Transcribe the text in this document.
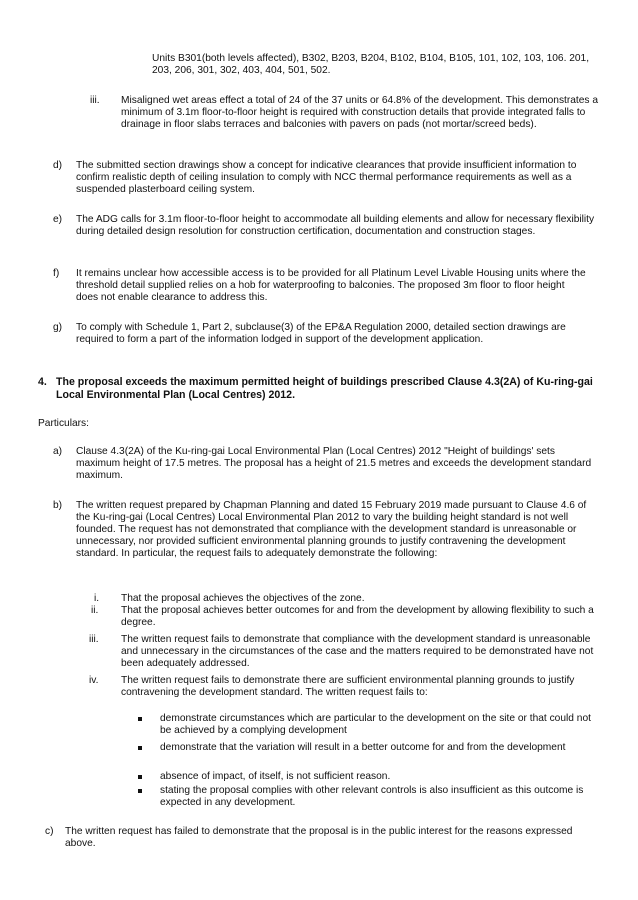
Units B301(both levels affected), B302, B203, B204, B102, B104, B105, 101, 102, 103, 106. 201, 203, 206, 301, 302, 403, 404, 501, 502.
iii. Misaligned wet areas effect a total of 24 of the 37 units or 64.8% of the development. This demonstrates a minimum of 3.1m floor-to-floor height is required with construction details that provide integrated falls to drainage in floor slabs terraces and balconies with pavers on pads (not mortar/screed beds).
d) The submitted section drawings show a concept for indicative clearances that provide insufficient information to confirm realistic depth of ceiling insulation to comply with NCC thermal performance requirements as well as a suspended plasterboard ceiling system.
e) The ADG calls for 3.1m floor-to-floor height to accommodate all building elements and allow for necessary flexibility during detailed design resolution for construction certification, documentation and construction stages.
f) It remains unclear how accessible access is to be provided for all Platinum Level Livable Housing units where the threshold detail supplied relies on a hob for waterproofing to balconies. The proposed 3m floor to floor height does not enable clearance to address this.
g) To comply with Schedule 1, Part 2, subclause(3) of the EP&A Regulation 2000, detailed section drawings are required to form a part of the information lodged in support of the development application.
4. The proposal exceeds the maximum permitted height of buildings prescribed Clause 4.3(2A) of Ku-ring-gai Local Environmental Plan (Local Centres) 2012.
Particulars:
a) Clause 4.3(2A) of the Ku-ring-gai Local Environmental Plan (Local Centres) 2012 "Height of buildings' sets maximum height of 17.5 metres. The proposal has a height of 21.5 metres and exceeds the development standard maximum.
b) The written request prepared by Chapman Planning and dated 15 February 2019 made pursuant to Clause 4.6 of the Ku-ring-gai (Local Centres) Local Environmental Plan 2012 to vary the building height standard is not well founded. The request has not demonstrated that compliance with the development standard is unreasonable or unnecessary, nor provided sufficient environmental planning grounds to justify contravening the development standard. In particular, the request fails to adequately demonstrate the following:
i. That the proposal achieves the objectives of the zone.
ii. That the proposal achieves better outcomes for and from the development by allowing flexibility to such a degree.
iii. The written request fails to demonstrate that compliance with the development standard is unreasonable and unnecessary in the circumstances of the case and the matters required to be demonstrated have not been adequately addressed.
iv. The written request fails to demonstrate there are sufficient environmental planning grounds to justify contravening the development standard. The written request fails to:
demonstrate circumstances which are particular to the development on the site or that could not be achieved by a complying development
demonstrate that the variation will result in a better outcome for and from the development
absence of impact, of itself, is not sufficient reason.
stating the proposal complies with other relevant controls is also insufficient as this outcome is expected in any development.
c) The written request has failed to demonstrate that the proposal is in the public interest for the reasons expressed above.
